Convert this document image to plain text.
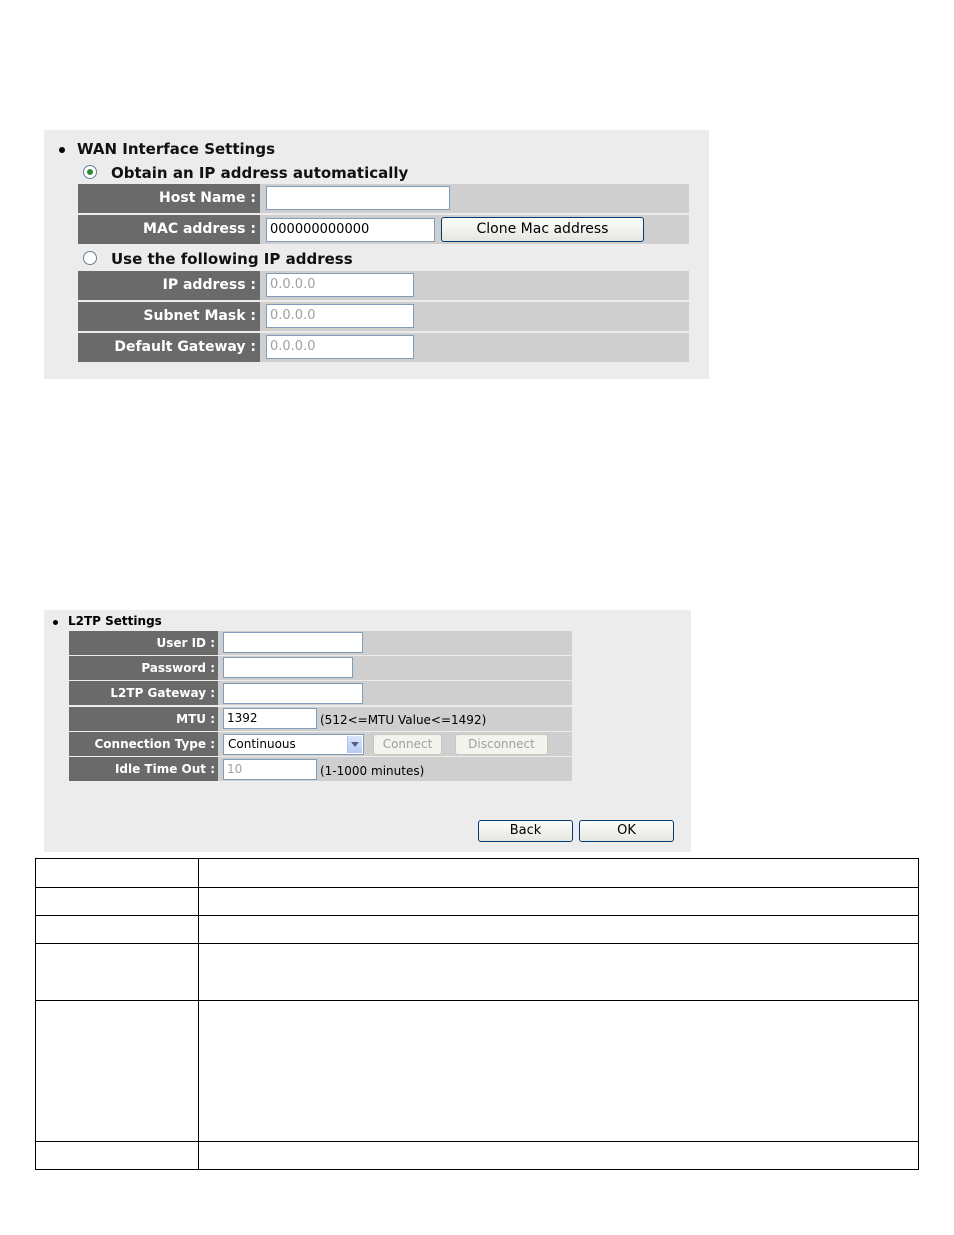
WAN Interface Settings
Obtain an IP address automatically
Host Name :
MAC address :	000000000000	Clone Mac address
Use the following IP address
IP address :	0.0.0.0
Subnet Mask :	0.0.0.0
Default Gateway :	0.0.0.0
L2TP Settings
User ID :
Password :
L2TP Gateway :
MTU :	1392	(512<=MTU Value<=1492)
Connection Type :	Continuous	Connect	Disconnect
Idle Time Out :	10	(1-1000 minutes)
Back	OK
